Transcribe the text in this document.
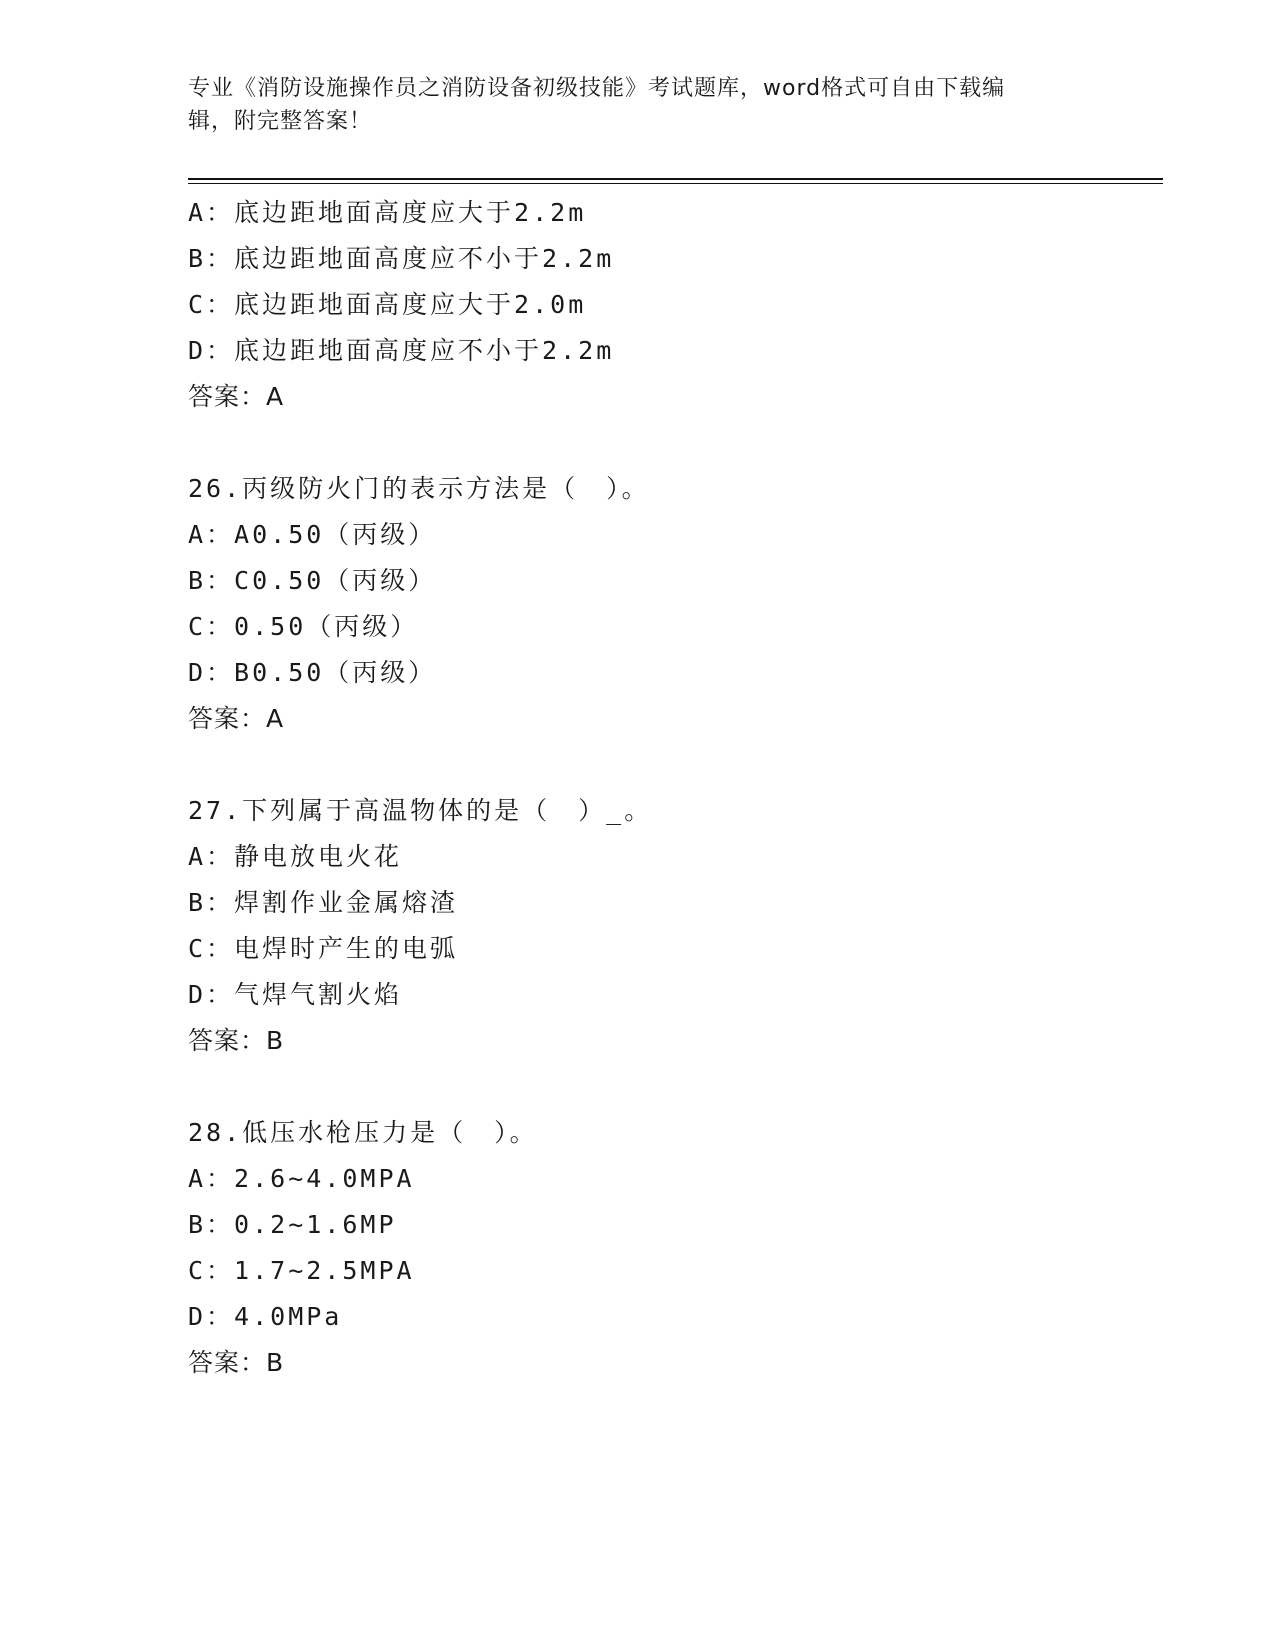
专业《消防设施操作员之消防设备初级技能》考试题库，word格式可自由下载编
辑，附完整答案！
A：底边距地面高度应大于2.2m
B：底边距地面高度应不小于2.2m
C：底边距地面高度应大于2.0m
D：底边距地面高度应不小于2.2m
答案：A
26.丙级防火门的表示方法是（　）。
A：A0.50（丙级）
B：C0.50（丙级）
C：0.50（丙级）
D：B0.50（丙级）
答案：A
27.下列属于高温物体的是（　）_。
A：静电放电火花
B：焊割作业金属熔渣
C：电焊时产生的电弧
D：气焊气割火焰
答案：B
28.低压水枪压力是（　）。
A：2.6~4.0MPA
B：0.2~1.6MP
C：1.7~2.5MPA
D：4.0MPa
答案：B
